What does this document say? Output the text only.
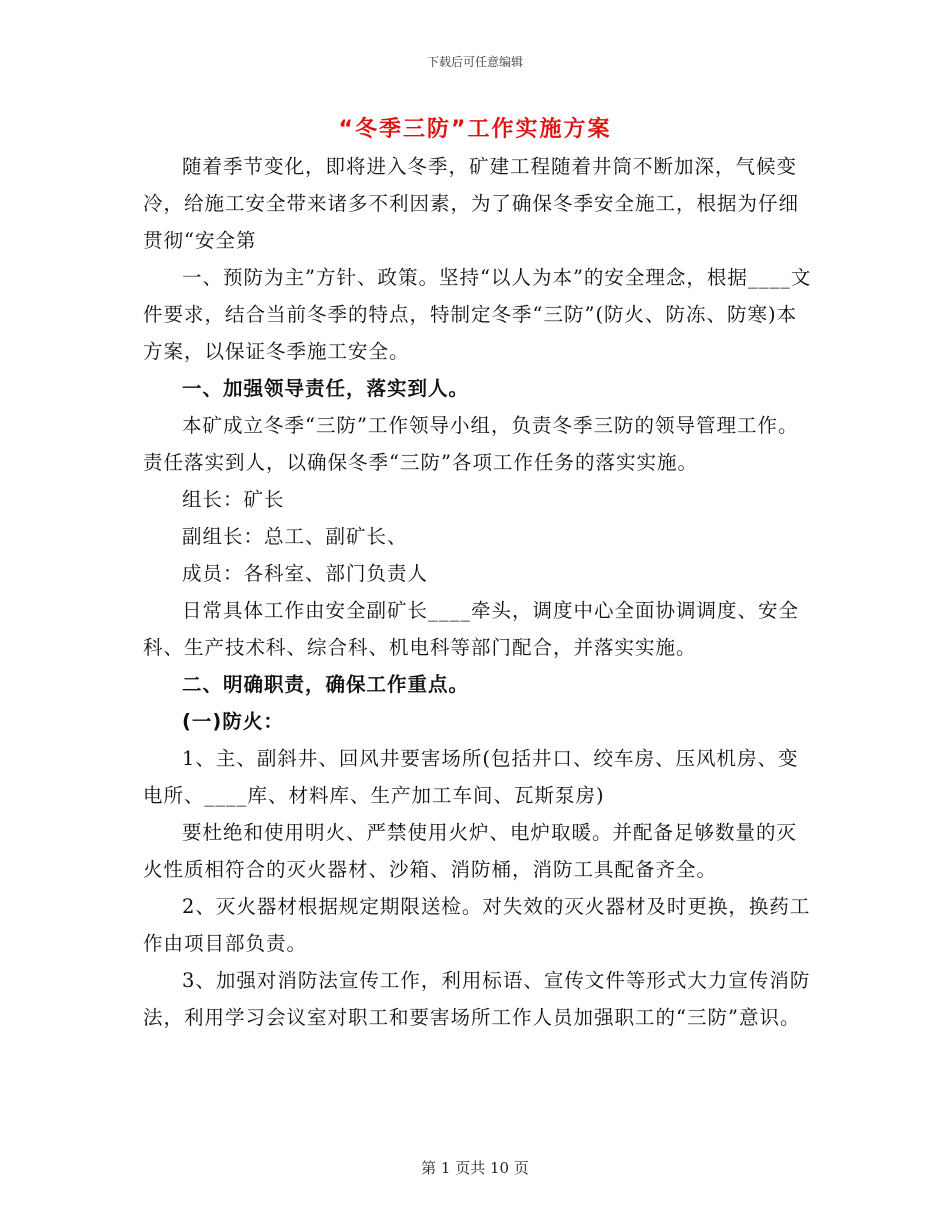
下载后可任意编辑
“冬季三防”工作实施方案

随着季节变化，即将进入冬季，矿建工程随着井筒不断加深，气候变冷，给施工安全带来诸多不利因素，为了确保冬季安全施工，根据为仔细贯彻“安全第

一、预防为主”方针、政策。坚持“以人为本”的安全理念，根据____文件要求，结合当前冬季的特点，特制定冬季“三防”(防火、防冻、防寒)本方案，以保证冬季施工安全。

一、加强领导责任，落实到人。

本矿成立冬季“三防”工作领导小组，负责冬季三防的领导管理工作。责任落实到人，以确保冬季“三防”各项工作任务的落实实施。

组长：矿长

副组长：总工、副矿长、

成员：各科室、部门负责人

日常具体工作由安全副矿长____牵头，调度中心全面协调调度、安全科、生产技术科、综合科、机电科等部门配合，并落实实施。

二、明确职责，确保工作重点。

(一)防火：

1、主、副斜井、回风井要害场所(包括井口、绞车房、压风机房、变电所、____库、材料库、生产加工车间、瓦斯泵房)

要杜绝和使用明火、严禁使用火炉、电炉取暖。并配备足够数量的灭火性质相符合的灭火器材、沙箱、消防桶，消防工具配备齐全。

2、灭火器材根据规定期限送检。对失效的灭火器材及时更换，换药工作由项目部负责。

3、加强对消防法宣传工作，利用标语、宣传文件等形式大力宣传消防法，利用学习会议室对职工和要害场所工作人员加强职工的“三防”意识。

第 1 页共 10 页
